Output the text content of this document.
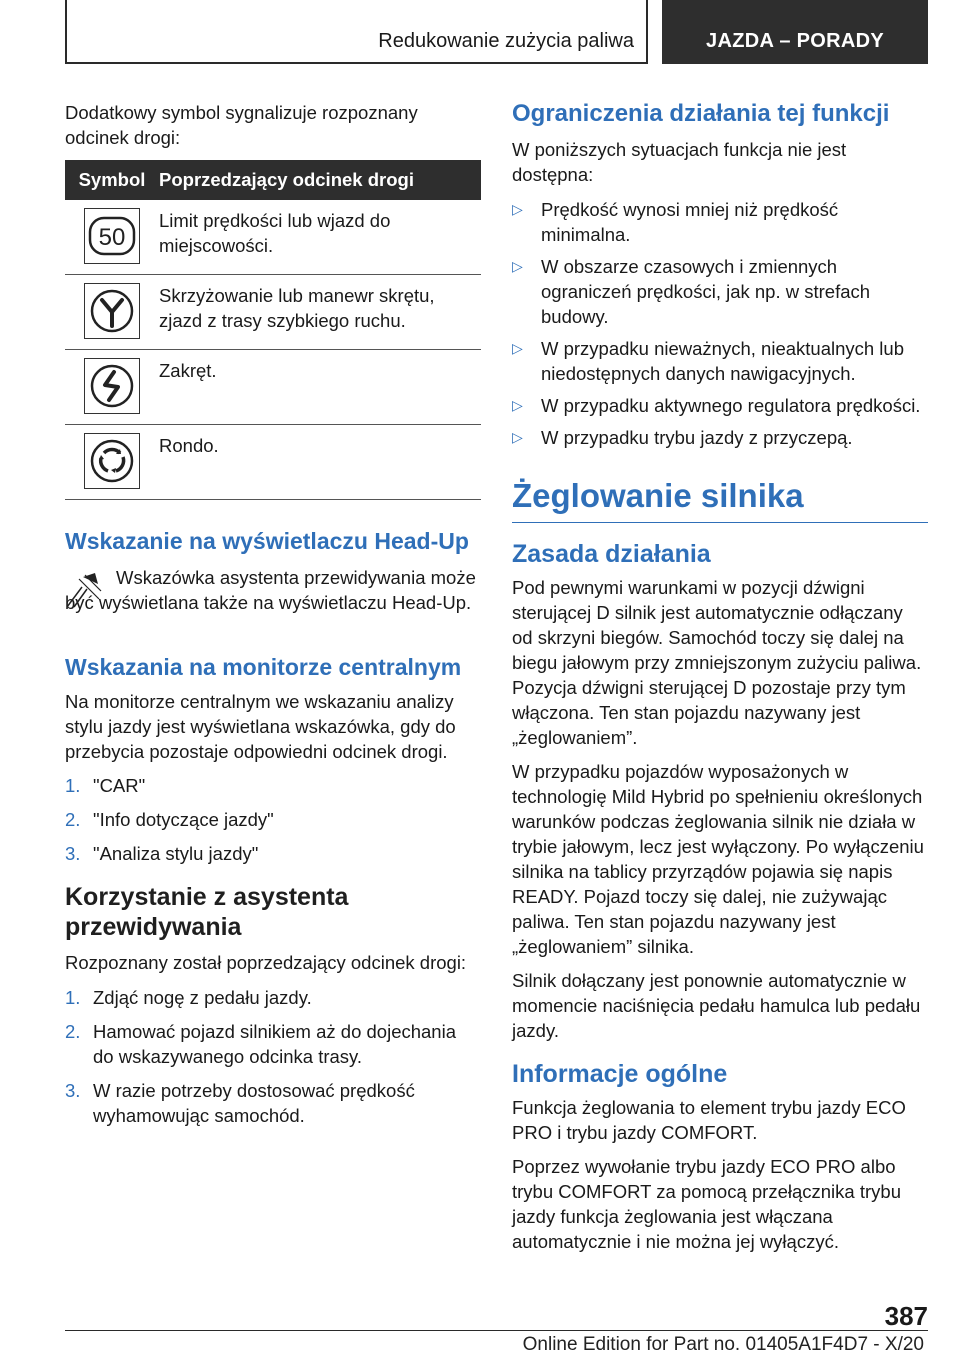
Redukowanie zużycia paliwa	JAZDA – PORADY

Dodatkowy symbol sygnalizuje rozpoznany odcinek drogi:

Symbol Poprzedzający odcinek drogi
50
Limit prędkości lub wjazd do miejscowości.
Skrzyżowanie lub manewr skrętu, zjazd z trasy szybkiego ruchu.
Zakręt.
Rondo.
Wskazanie na wyświetlaczu Head-Up

Wskazówka asystenta przewidywania może być wyświetlana także na wyświetlaczu Head-Up.

Wskazania na monitorze centralnym

Na monitorze centralnym we wskazaniu analizy stylu jazdy jest wyświetlana wskazówka, gdy do przebycia pozostaje odpowiedni odcinek drogi.

1. "CAR"
2. "Info dotyczące jazdy"
3. "Analiza stylu jazdy"
Korzystanie z asystenta przewidywania

Rozpoznany został poprzedzający odcinek drogi:

1. Zdjąć nogę z pedału jazdy.
2. Hamować pojazd silnikiem aż do dojechania do wskazywanego odcinka trasy.
3. W razie potrzeby dostosować prędkość wyhamowując samochód.
Ograniczenia działania tej funkcji

W poniższych sytuacjach funkcja nie jest dostępna:

▷ Prędkość wynosi mniej niż prędkość minimalna.
▷ W obszarze czasowych i zmiennych ograniczeń prędkości, jak np. w strefach budowy.
▷ W przypadku nieważnych, nieaktualnych lub niedostępnych danych nawigacyjnych.
▷ W przypadku aktywnego regulatora prędkości.
▷ W przypadku trybu jazdy z przyczepą.
Żeglowanie silnika
Zasada działania

Pod pewnymi warunkami w pozycji dźwigni sterującej D silnik jest automatycznie odłączany od skrzyni biegów. Samochód toczy się dalej na biegu jałowym przy zmniejszonym zużyciu paliwa. Pozycja dźwigni sterującej D pozostaje przy tym włączona. Ten stan pojazdu nazywany jest „żeglowaniem”.

W przypadku pojazdów wyposażonych w technologię Mild Hybrid po spełnieniu określonych warunków podczas żeglowania silnik nie działa w trybie jałowym, lecz jest wyłączony. Po wyłączeniu silnika na tablicy przyrządów pojawia się napis READY. Pojazd toczy się dalej, nie zużywając paliwa. Ten stan pojazdu nazywany jest „żeglowaniem” silnika.

Silnik dołączany jest ponownie automatycznie w momencie naciśnięcia pedału hamulca lub pedału jazdy.

Informacje ogólne

Funkcja żeglowania to element trybu jazdy ECO PRO i trybu jazdy COMFORT.

Poprzez wywołanie trybu jazdy ECO PRO albo trybu COMFORT za pomocą przełącznika trybu jazdy funkcja żeglowania jest włączana automatycznie i nie można jej wyłączyć.

387
Online Edition for Part no. 01405A1F4D7 - X/20
